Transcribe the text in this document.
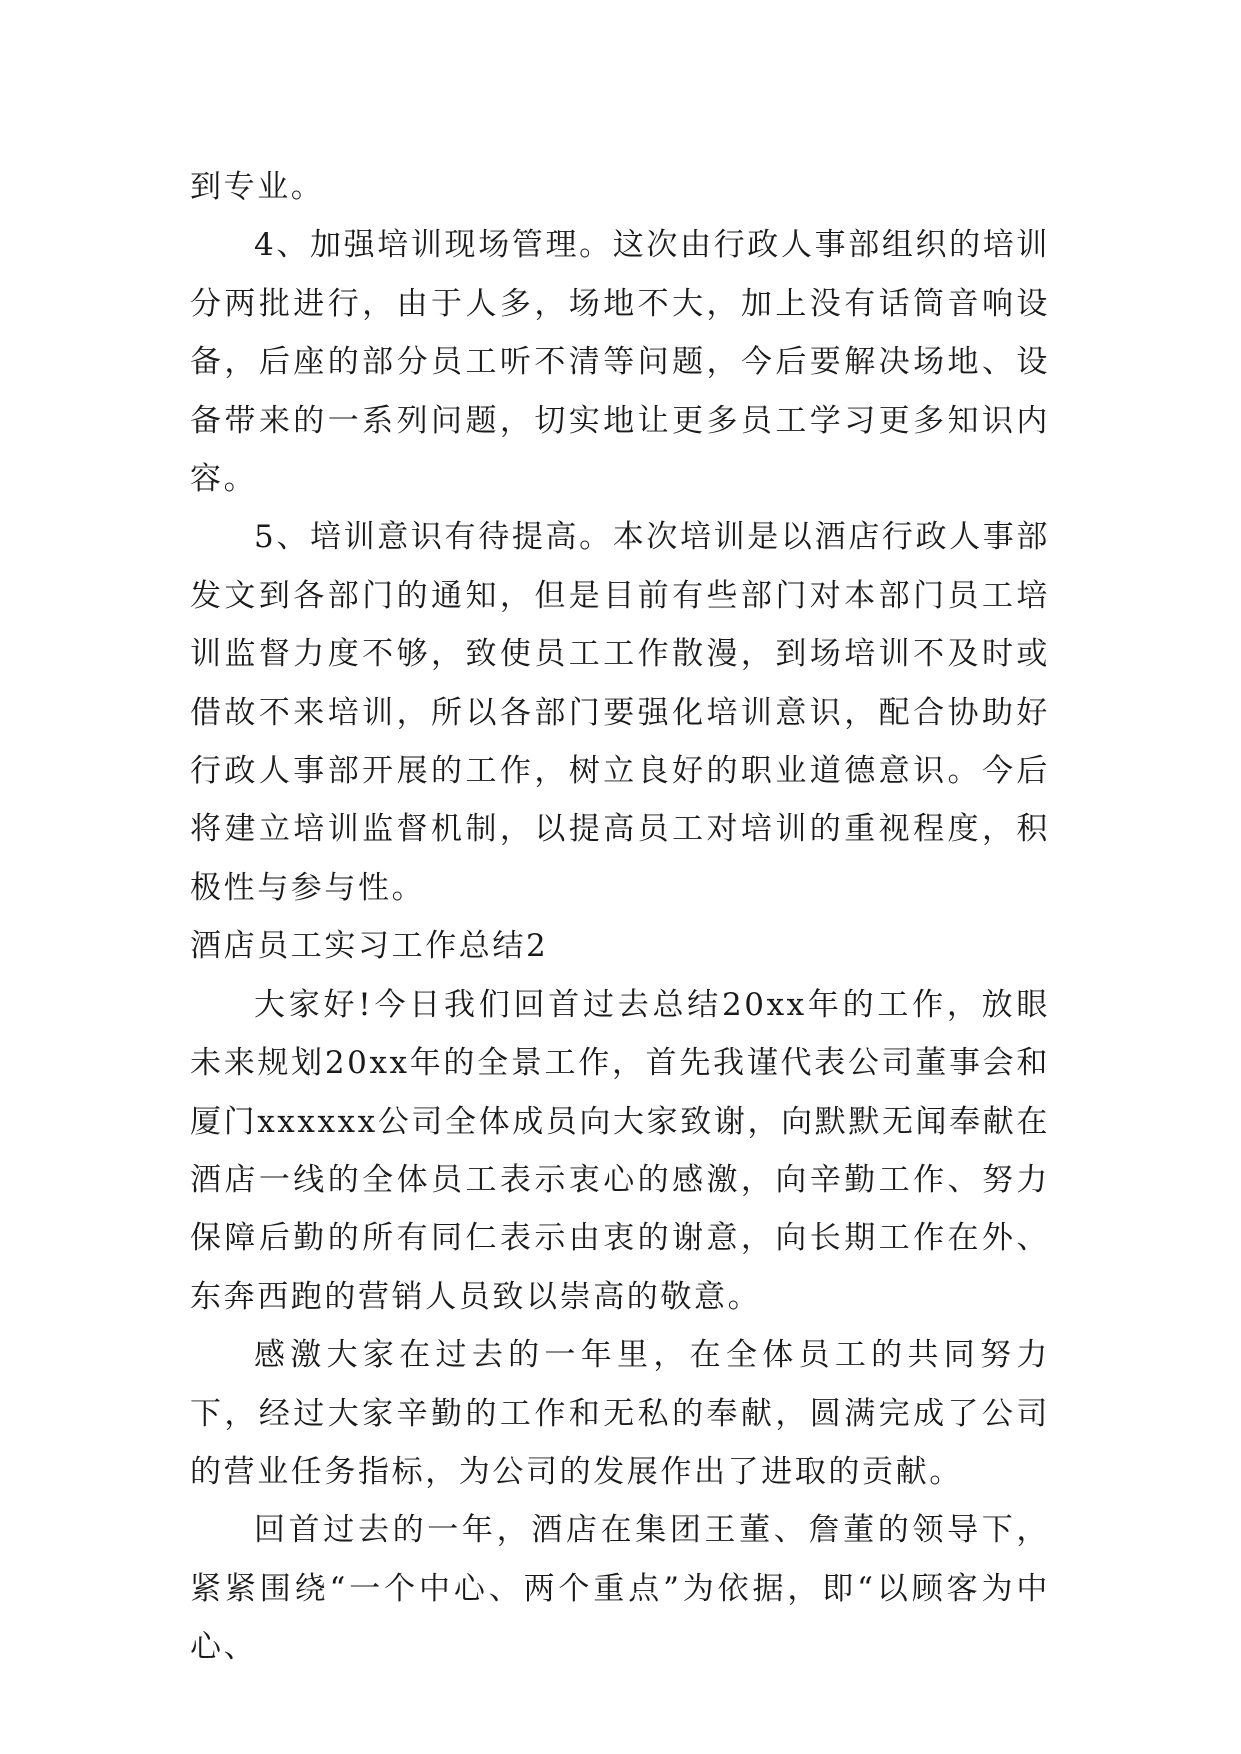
到专业。

4、加强培训现场管理。这次由行政人事部组织的培训分两批进行，由于人多，场地不大，加上没有话筒音响设备，后座的部分员工听不清等问题，今后要解决场地、设备带来的一系列问题，切实地让更多员工学习更多知识内容。

5、培训意识有待提高。本次培训是以酒店行政人事部发文到各部门的通知，但是目前有些部门对本部门员工培训监督力度不够，致使员工工作散漫，到场培训不及时或借故不来培训，所以各部门要强化培训意识，配合协助好行政人事部开展的工作，树立良好的职业道德意识。今后将建立培训监督机制，以提高员工对培训的重视程度，积极性与参与性。

酒店员工实习工作总结2

大家好!今日我们回首过去总结20xx年的工作，放眼未来规划20xx年的全景工作，首先我谨代表公司董事会和厦门xxxxxx公司全体成员向大家致谢，向默默无闻奉献在酒店一线的全体员工表示衷心的感激，向辛勤工作、努力保障后勤的所有同仁表示由衷的谢意，向长期工作在外、东奔西跑的营销人员致以崇高的敬意。

感激大家在过去的一年里，在全体员工的共同努力下，经过大家辛勤的工作和无私的奉献，圆满完成了公司的营业任务指标，为公司的发展作出了进取的贡献。

回首过去的一年，酒店在集团王董、詹董的领导下，紧紧围绕“一个中心、两个重点”为依据，即“以顾客为中心、
